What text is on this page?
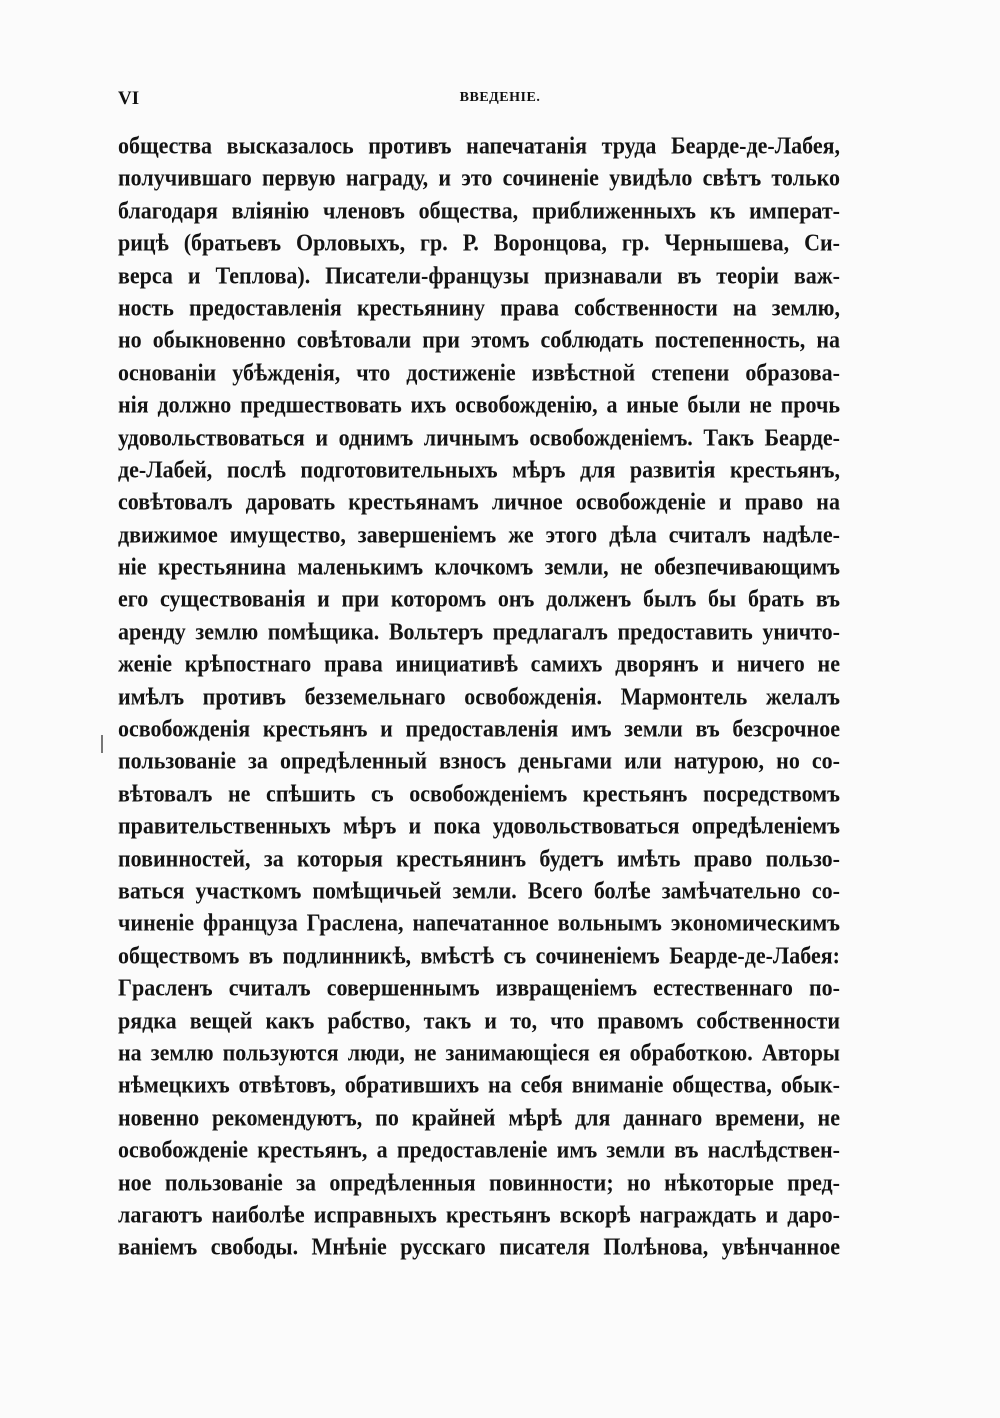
VI	ВВЕДЕНІЕ.
общества высказалось противъ напечатанія труда Беарде-де-Лабея,
получившаго первую награду, и это сочиненіе увидѣло свѣтъ только
благодаря вліянію членовъ общества, приближенныхъ къ императ-
рицѣ (братьевъ Орловыхъ, гр. Р. Воронцова, гр. Чернышева, Си-
верса и Теплова). Писатели-французы признавали въ теоріи важ-
ность предоставленія крестьянину права собственности на землю,
но обыкновенно совѣтовали при этомъ соблюдать постепенность, на
основаніи убѣжденія, что достиженіе извѣстной степени образова-
нія должно предшествовать ихъ освобожденію, а иные были не прочь
удовольствоваться и однимъ личнымъ освобожденіемъ. Такъ Беарде-
де-Лабей, послѣ подготовительныхъ мѣръ для развитія крестьянъ,
совѣтовалъ даровать крестьянамъ личное освобожденіе и право на
движимое имущество, завершеніемъ же этого дѣла считалъ надѣле-
ніе крестьянина маленькимъ клочкомъ земли, не обезпечивающимъ
его существованія и при которомъ онъ долженъ былъ бы брать въ
аренду землю помѣщика. Вольтеръ предлагалъ предоставить уничто-
женіе крѣпостнаго права инициативѣ самихъ дворянъ и ничего не
имѣлъ противъ безземельнаго освобожденія. Мармонтель желалъ
освобожденія крестьянъ и предоставленія имъ земли въ безсрочное
пользованіе за опредѣленный взносъ деньгами или натурою, но со-
вѣтовалъ не спѣшить съ освобожденіемъ крестьянъ посредствомъ
правительственныхъ мѣръ и пока удовольствоваться опредѣленіемъ
повинностей, за которыя крестьянинъ будетъ имѣть право пользо-
ваться участкомъ помѣщичьей земли. Всего болѣе замѣчательно со-
чиненіе француза Граслена, напечатанное вольнымъ экономическимъ
обществомъ въ подлинникѣ, вмѣстѣ съ сочиненіемъ Беарде-де-Лабея:
Гpacленъ считалъ совершеннымъ извращеніемъ естественнаго по-
рядка вещей какъ рабство, такъ и то, что правомъ собственности
на землю пользуются люди, не занимающіеся ея обработкою. Авторы
нѣмецкихъ отвѣтовъ, обратившихъ на себя вниманіе общества, обык-
новенно рекомендуютъ, по крайней мѣрѣ для даннаго времени, не
освобожденіе крестьянъ, а предоставленіе имъ земли въ наслѣдствен-
ное пользованіе за опредѣленныя повинности; но нѣкоторые пред-
лагаютъ наиболѣе исправныхъ крестьянъ вскорѣ награждать и даро-
ваніемъ свободы. Мнѣніе русскаго писателя Полѣнова, увѣнчанное
